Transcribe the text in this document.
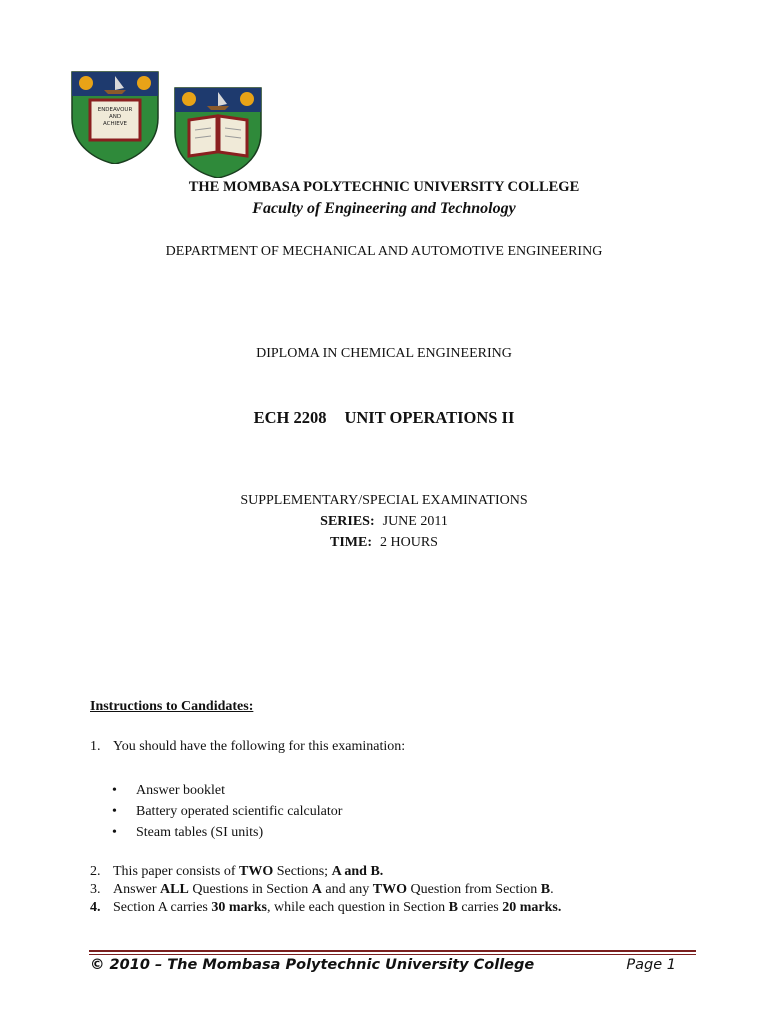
ENDEAVOUR
AND
ACHIEVE
THE MOMBASA POLYTECHNIC UNIVERSITY COLLEGE
Faculty of Engineering and Technology
DEPARTMENT OF MECHANICAL AND AUTOMOTIVE ENGINEERING
DIPLOMA IN CHEMICAL ENGINEERING
ECH 2208 UNIT OPERATIONS II
SUPPLEMENTARY/SPECIAL EXAMINATIONS
SERIES: JUNE 2011
TIME: 2 HOURS
Instructions to Candidates:
1. You should have the following for this examination:
• Answer booklet
• Battery operated scientific calculator
• Steam tables (SI units)
2. This paper consists of TWO Sections; A and B.
3. Answer ALL Questions in Section A and any TWO Question from Section B.
4. Section A carries 30 marks, while each question in Section B carries 20 marks.
© 2010 – The Mombasa Polytechnic University College	Page 1
